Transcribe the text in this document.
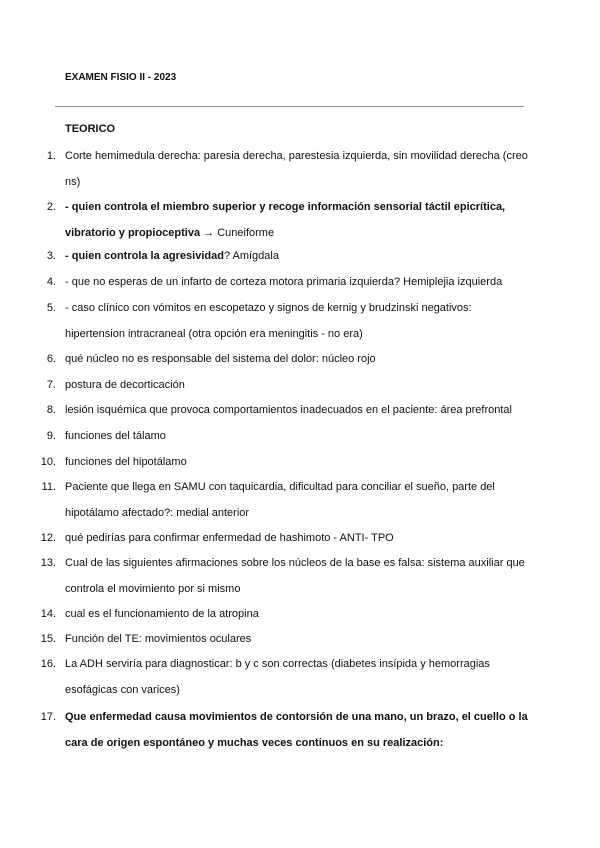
EXAMEN FISIO II - 2023
TEORICO
1. Corte hemimedula derecha: paresia derecha, parestesia izquierda, sin movilidad derecha (creo ns)
2. - quien controla el miembro superior y recoge información sensorial táctil epicrítica, vibratorio y propioceptiva → Cuneiforme
3. - quien controla la agresividad? Amígdala
4. - que no esperas de un infarto de corteza motora primaria izquierda? Hemiplejia izquierda
5. - caso clínico con vómitos en escopetazo y signos de kernig y brudzinski negativos: hipertension intracraneal (otra opción era meningitis - no era)
6. qué núcleo no es responsable del sistema del dolor: núcleo rojo
7. postura de decorticación
8. lesión isquémica que provoca comportamientos inadecuados en el paciente: área prefrontal
9. funciones del tálamo
10. funciones del hipotálamo
11. Paciente que llega en SAMU con taquicardia, dificultad para conciliar el sueño, parte del hipotálamo afectado?: medial anterior
12. qué pedirías para confirmar enfermedad de hashimoto - ANTI- TPO
13. Cual de las siguientes afirmaciones sobre los núcleos de la base es falsa: sistema auxiliar que controla el movimiento por si mismo
14. cual es el funcionamiento de la atropina
15. Función del TE: movimientos oculares
16. La ADH serviría para diagnosticar: b y c son correctas (diabetes insípida y hemorragias esofágicas con varices)
17. Que enfermedad causa movimientos de contorsión de una mano, un brazo, el cuello o la cara de origen espontáneo y muchas veces continuos en su realización:
